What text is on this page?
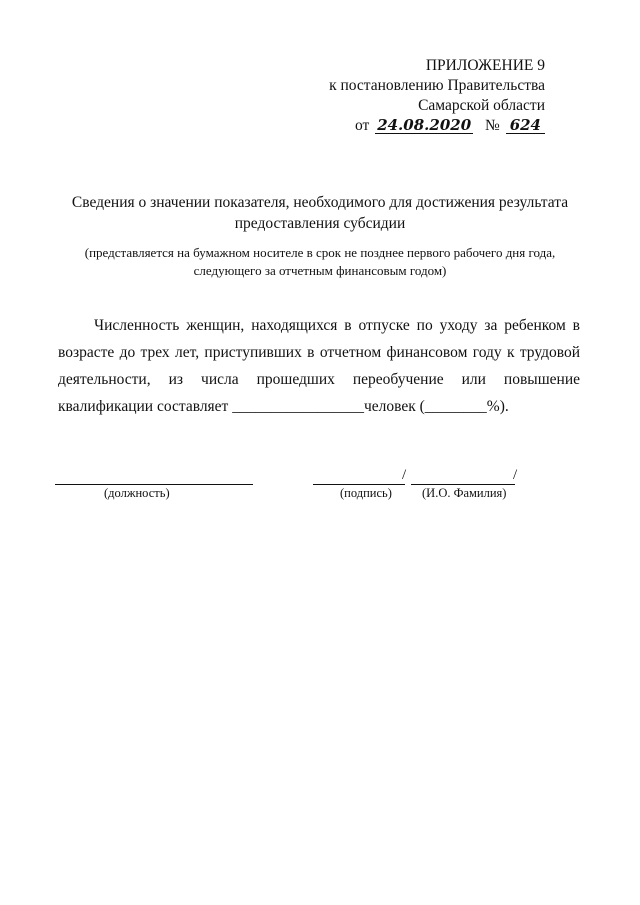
ПРИЛОЖЕНИЕ 9
к постановлению Правительства
Самарской области
от 24.08.2020 № 624
Сведения о значении показателя, необходимого для достижения результата
предоставления субсидии
(представляется на бумажном носителе в срок не позднее первого рабочего дня года,
следующего за отчетным финансовым годом)

Численность женщин, находящихся в отпуске по уходу за ребенком в возрасте до трех лет, приступивших в отчетном финансовом году к трудовой деятельности, из числа прошедших переобучение или повышение квалификации составляет _________________человек (________%).

(должность)
/	/
(подпись) (И.О. Фамилия)
